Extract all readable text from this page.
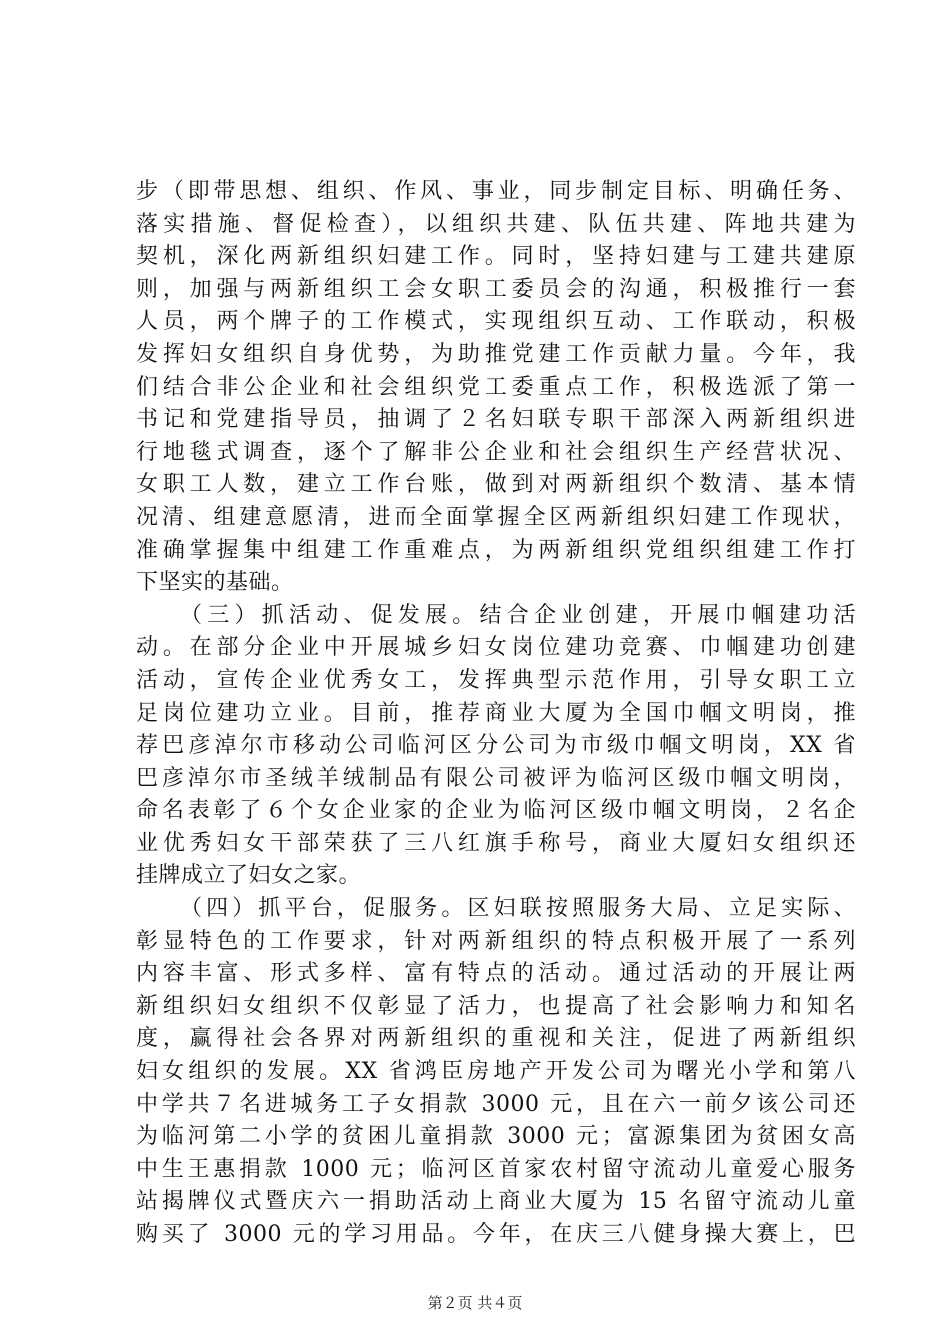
步（即带思想、组织、作风、事业，同步制定目标、明确任务、
落实措施、督促检查），以组织共建、队伍共建、阵地共建为
契机，深化两新组织妇建工作。同时，坚持妇建与工建共建原
则，加强与两新组织工会女职工委员会的沟通，积极推行一套
人员，两个牌子的工作模式，实现组织互动、工作联动，积极
发挥妇女组织自身优势，为助推党建工作贡献力量。今年，我
们结合非公企业和社会组织党工委重点工作，积极选派了第一
书记和党建指导员，抽调了２名妇联专职干部深入两新组织进
行地毯式调查，逐个了解非公企业和社会组织生产经营状况、
女职工人数，建立工作台账，做到对两新组织个数清、基本情
况清、组建意愿清，进而全面掌握全区两新组织妇建工作现状，
准确掌握集中组建工作重难点，为两新组织党组织组建工作打
下坚实的基础。
（三）抓活动、促发展。结合企业创建，开展巾帼建功活
动。在部分企业中开展城乡妇女岗位建功竞赛、巾帼建功创建
活动，宣传企业优秀女工，发挥典型示范作用，引导女职工立
足岗位建功立业。目前，推荐商业大厦为全国巾帼文明岗，推
荐巴彦淖尔市移动公司临河区分公司为市级巾帼文明岗，XX 省
巴彦淖尔市圣绒羊绒制品有限公司被评为临河区级巾帼文明岗，
命名表彰了６个女企业家的企业为临河区级巾帼文明岗，２名企
业优秀妇女干部荣获了三八红旗手称号，商业大厦妇女组织还
挂牌成立了妇女之家。
（四）抓平台，促服务。区妇联按照服务大局、立足实际、
彰显特色的工作要求，针对两新组织的特点积极开展了一系列
内容丰富、形式多样、富有特点的活动。通过活动的开展让两
新组织妇女组织不仅彰显了活力，也提高了社会影响力和知名
度，赢得社会各界对两新组织的重视和关注，促进了两新组织
妇女组织的发展。XX 省鸿臣房地产开发公司为曙光小学和第八
中学共７名进城务工子女捐款 3000 元，且在六一前夕该公司还
为临河第二小学的贫困儿童捐款 3000 元；富源集团为贫困女高
中生王惠捐款 1000 元；临河区首家农村留守流动儿童爱心服务
站揭牌仪式暨庆六一捐助活动上商业大厦为 15 名留守流动儿童
购买了 3000 元的学习用品。今年，在庆三八健身操大赛上，巴
第２页 共４页
